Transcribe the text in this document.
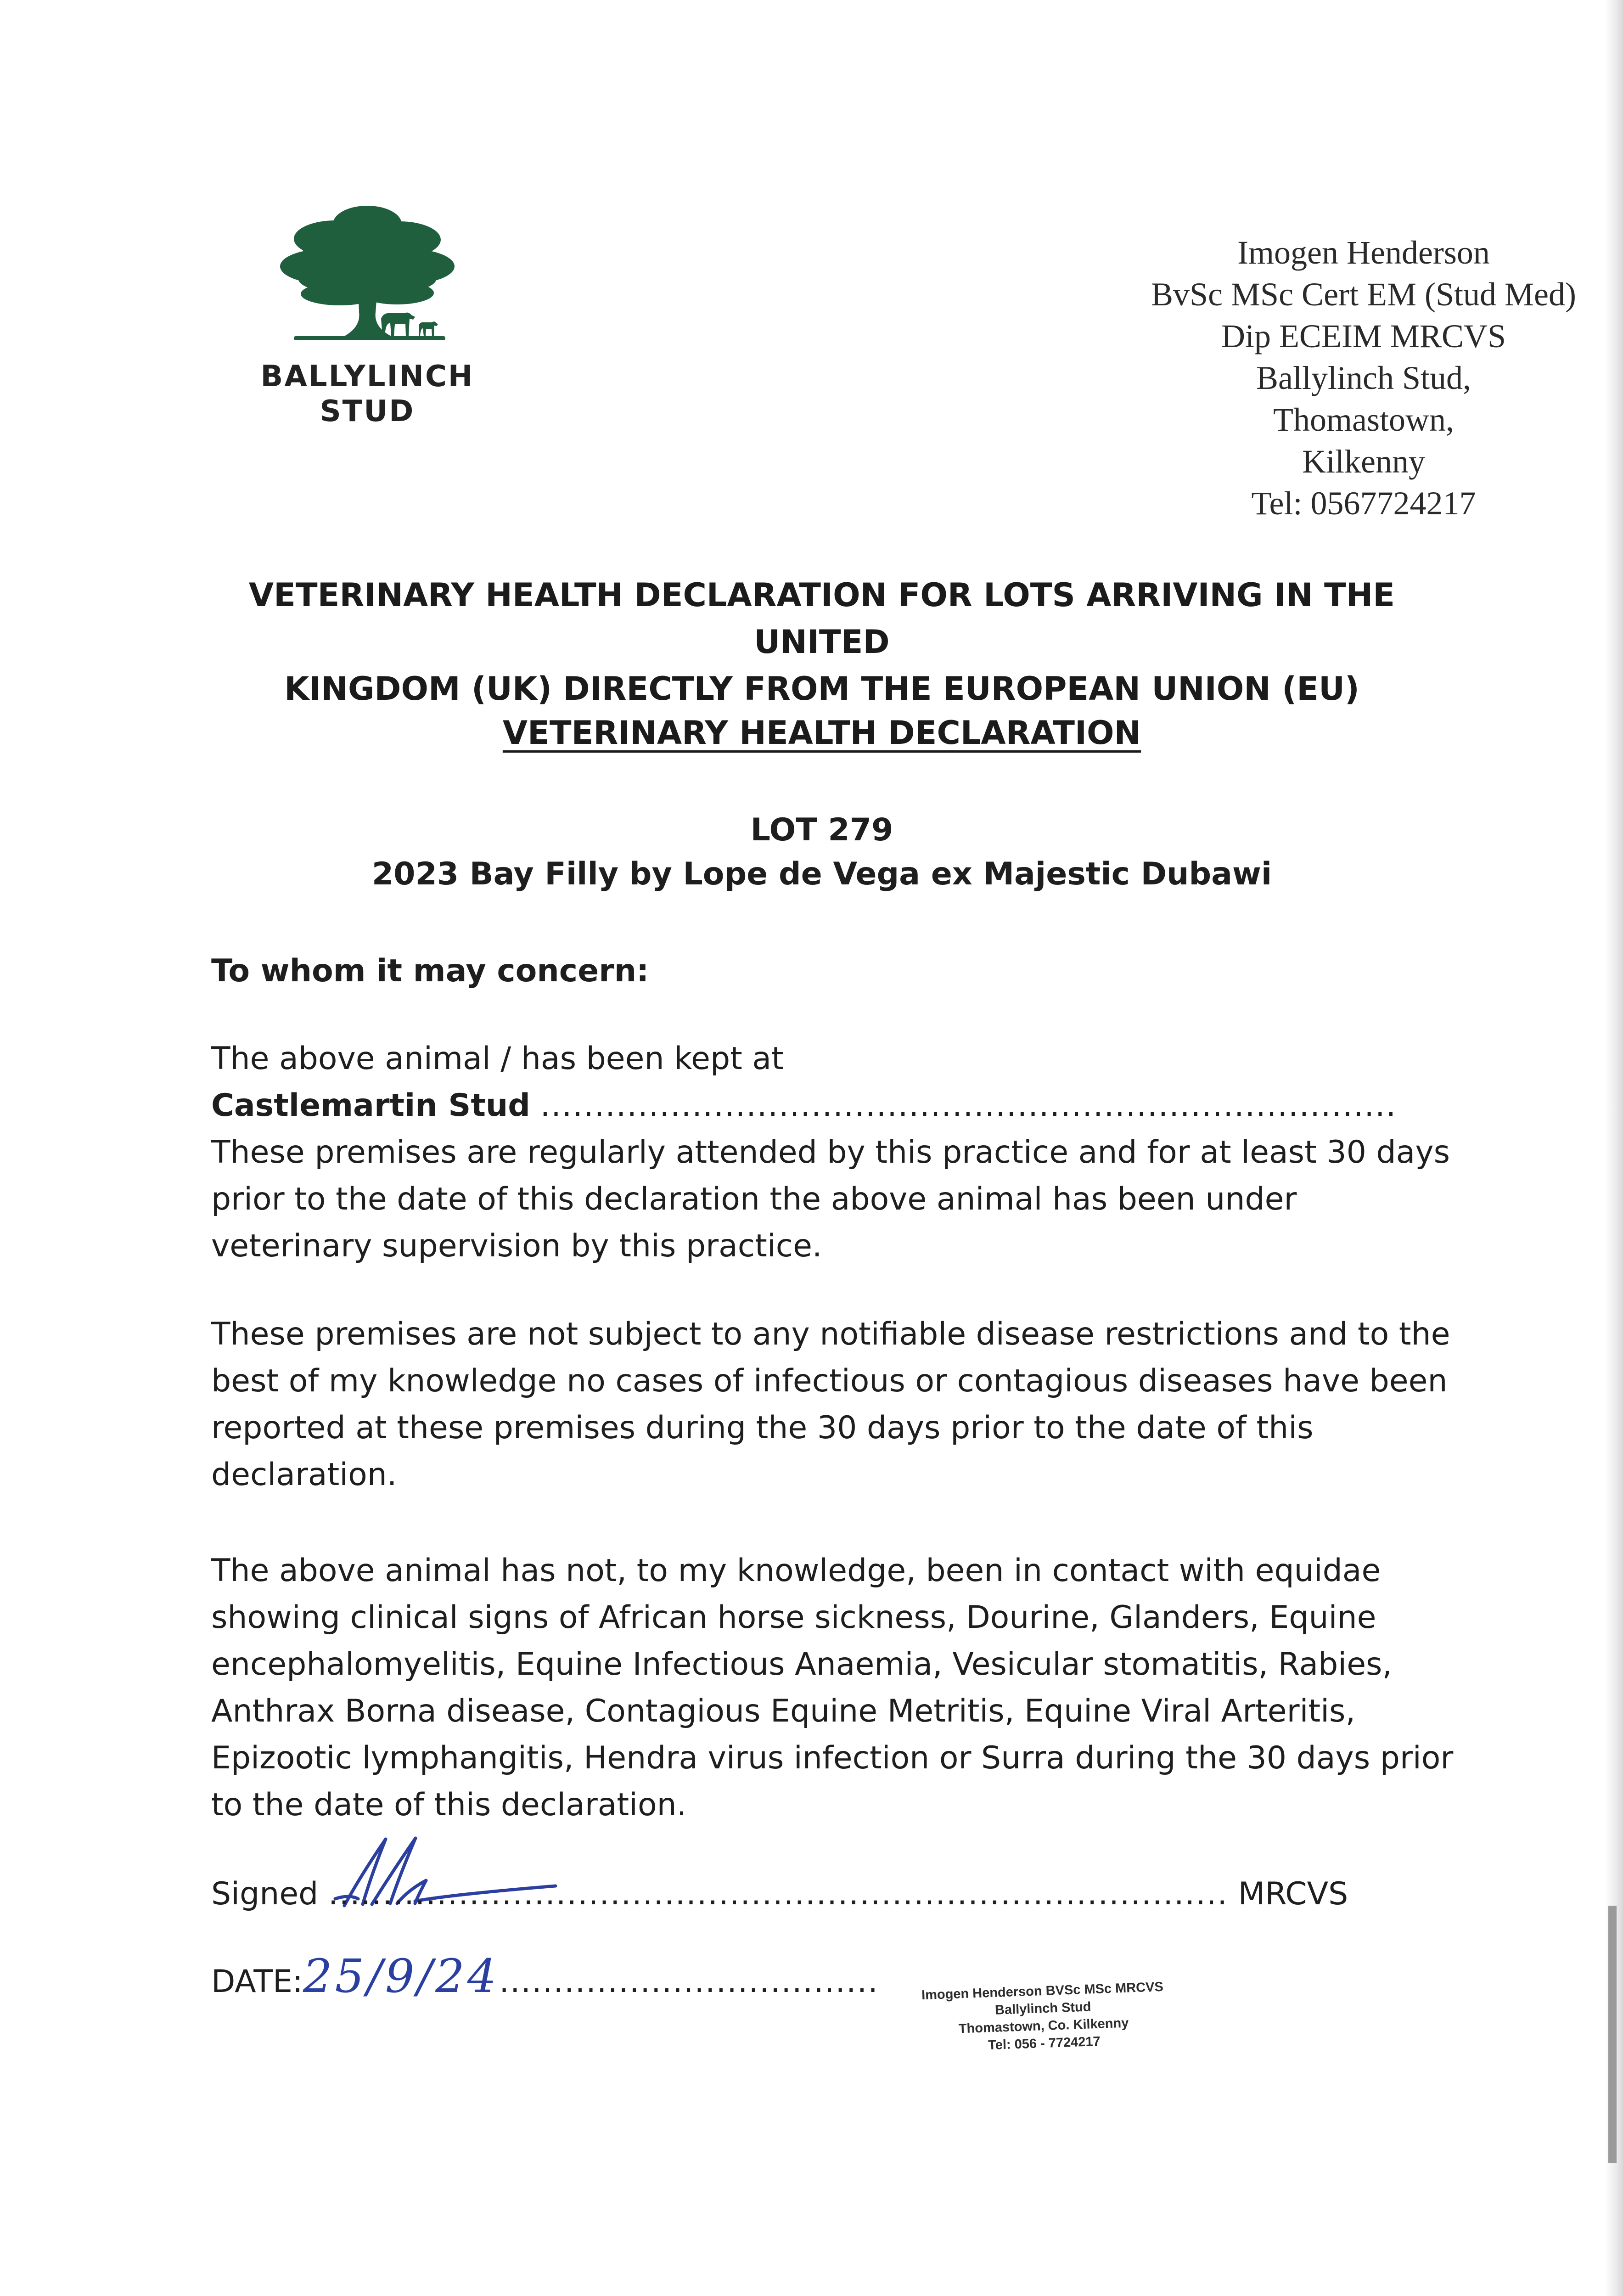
BALLYLINCH
STUD
Imogen Henderson
BvSc MSc Cert EM (Stud Med)
Dip ECEIM MRCVS
Ballylinch Stud,
Thomastown,
Kilkenny
Tel: 0567724217
VETERINARY HEALTH DECLARATION FOR LOTS ARRIVING IN THE UNITED
KINGDOM (UK) DIRECTLY FROM THE EUROPEAN UNION (EU)
VETERINARY HEALTH DECLARATION
LOT 279
2023 Bay Filly by Lope de Vega ex Majestic Dubawi
To whom it may concern:
The above animal / has been kept at
Castlemartin Stud ...............................................................................
These premises are regularly attended by this practice and for at least 30 days
prior to the date of this declaration the above animal has been under
veterinary supervision by this practice.
These premises are not subject to any notifiable disease restrictions and to the
best of my knowledge no cases of infectious or contagious diseases have been
reported at these premises during the 30 days prior to the date of this
declaration.
The above animal has not, to my knowledge, been in contact with equidae
showing clinical signs of African horse sickness, Dourine, Glanders, Equine
encephalomyelitis, Equine Infectious Anaemia, Vesicular stomatitis, Rabies,
Anthrax Borna disease, Contagious Equine Metritis, Equine Viral Arteritis,
Epizootic lymphangitis, Hendra virus infection or Surra during the 30 days prior
to the date of this declaration.
Signed ................................................................................... MRCVS
DATE:25/9/24...................................	Imogen Henderson BVSc MSc MRCVS
Ballylinch Stud
Thomastown, Co. Kilkenny
Tel: 056 - 7724217
